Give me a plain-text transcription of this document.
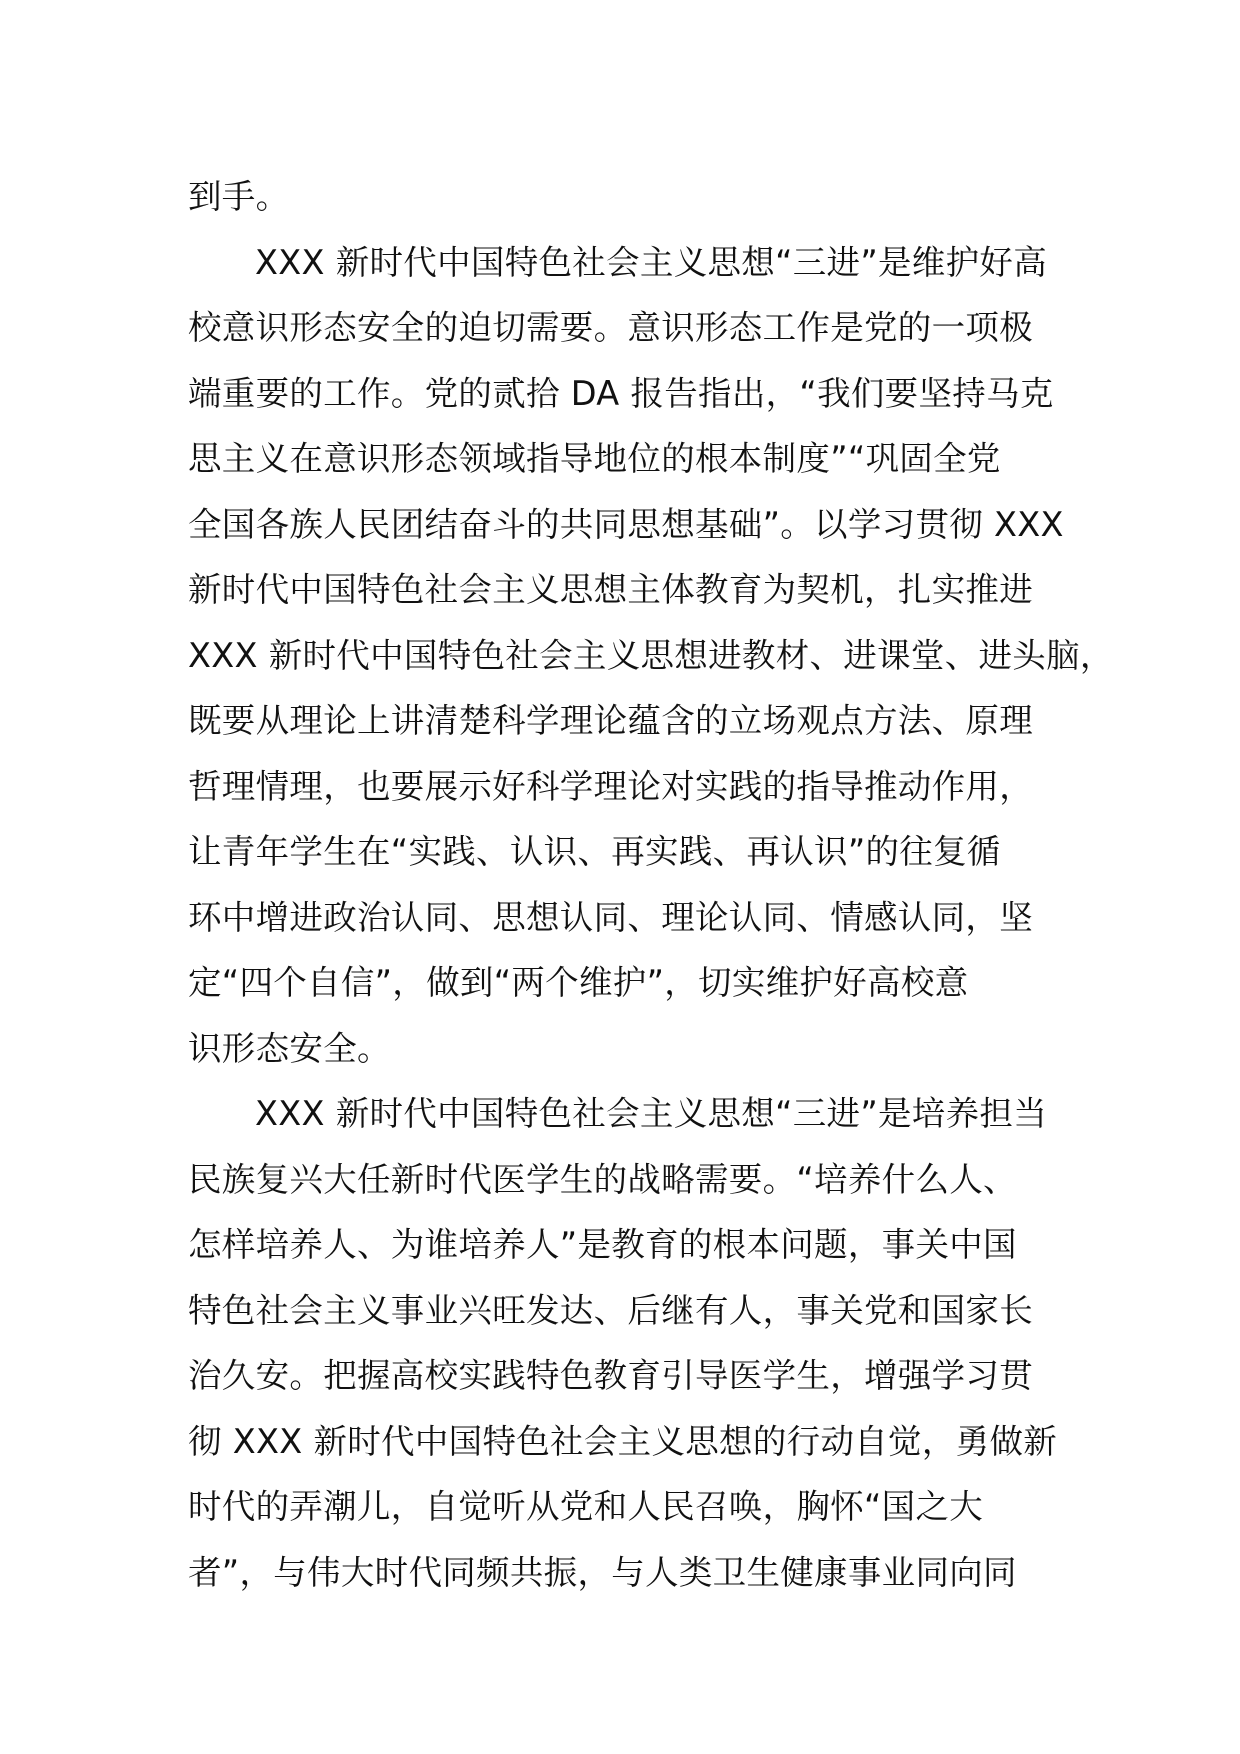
到手。
XXX 新时代中国特色社会主义思想“三进”是维护好高
校意识形态安全的迫切需要。意识形态工作是党的一项极
端重要的工作。党的贰拾 DA 报告指出，“我们要坚持马克
思主义在意识形态领域指导地位的根本制度”“巩固全党
全国各族人民团结奋斗的共同思想基础”。以学习贯彻 XXX
新时代中国特色社会主义思想主体教育为契机，扎实推进
XXX 新时代中国特色社会主义思想进教材、进课堂、进头脑，
既要从理论上讲清楚科学理论蕴含的立场观点方法、原理
哲理情理，也要展示好科学理论对实践的指导推动作用，
让青年学生在“实践、认识、再实践、再认识”的往复循
环中增进政治认同、思想认同、理论认同、情感认同，坚
定“四个自信”，做到“两个维护”，切实维护好高校意
识形态安全。
XXX 新时代中国特色社会主义思想“三进”是培养担当
民族复兴大任新时代医学生的战略需要。“培养什么人、
怎样培养人、为谁培养人”是教育的根本问题，事关中国
特色社会主义事业兴旺发达、后继有人，事关党和国家长
治久安。把握高校实践特色教育引导医学生，增强学习贯
彻 XXX 新时代中国特色社会主义思想的行动自觉，勇做新
时代的弄潮儿，自觉听从党和人民召唤，胸怀“国之大
者”，与伟大时代同频共振，与人类卫生健康事业同向同
